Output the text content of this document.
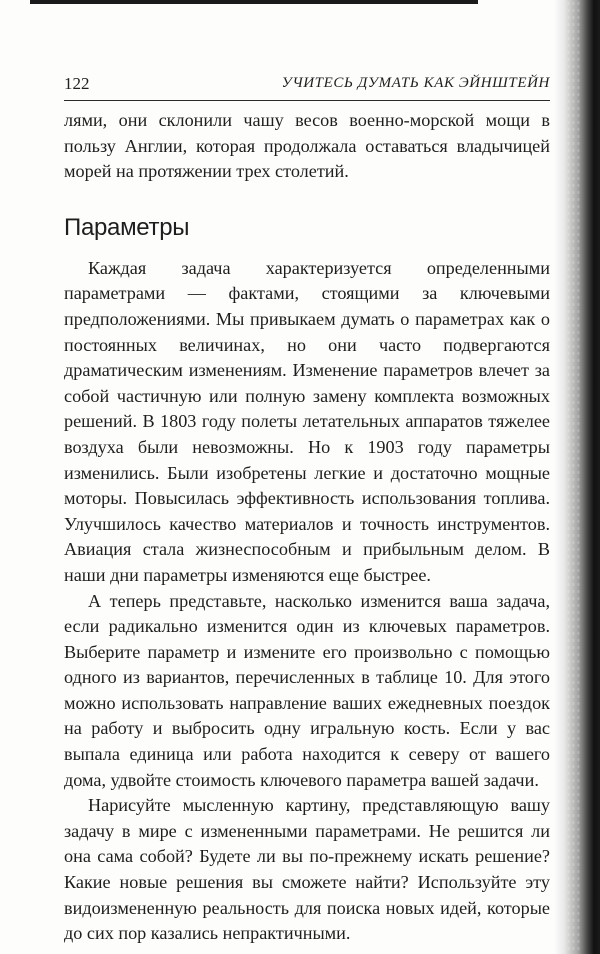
122	УЧИТЕСЬ ДУМАТЬ КАК ЭЙНШТЕЙН

лями, они склонили чашу весов военно-морской мощи в пользу Англии, которая продолжала оставаться владычицей морей на протяжении трех столетий.

Параметры

Каждая задача характеризуется определенными параметрами — фактами, стоящими за ключевыми предположениями. Мы привыкаем думать о параметрах как о постоянных величинах, но они часто подвергаются драматическим изменениям. Изменение параметров влечет за собой частичную или полную замену комплекта возможных решений. В 1803 году полеты летательных аппаратов тяжелее воздуха были невозможны. Но к 1903 году параметры изменились. Были изобретены легкие и достаточно мощные моторы. Повысилась эффективность использования топлива. Улучшилось качество материалов и точность инструментов. Авиация стала жизнеспособным и прибыльным делом. В наши дни параметры изменяются еще быстрее.

А теперь представьте, насколько изменится ваша задача, если радикально изменится один из ключевых параметров. Выберите параметр и измените его произвольно с помощью одного из вариантов, перечисленных в таблице 10. Для этого можно использовать направление ваших ежедневных поездок на работу и выбросить одну игральную кость. Если у вас выпала единица или работа находится к северу от вашего дома, удвойте стоимость ключевого параметра вашей задачи.

Нарисуйте мысленную картину, представляющую вашу задачу в мире с измененными параметрами. Не решится ли она сама собой? Будете ли вы по-прежнему искать решение? Какие новые решения вы сможете найти? Используйте эту видоизмененную реальность для поиска новых идей, которые до сих пор казались непрактичными.
